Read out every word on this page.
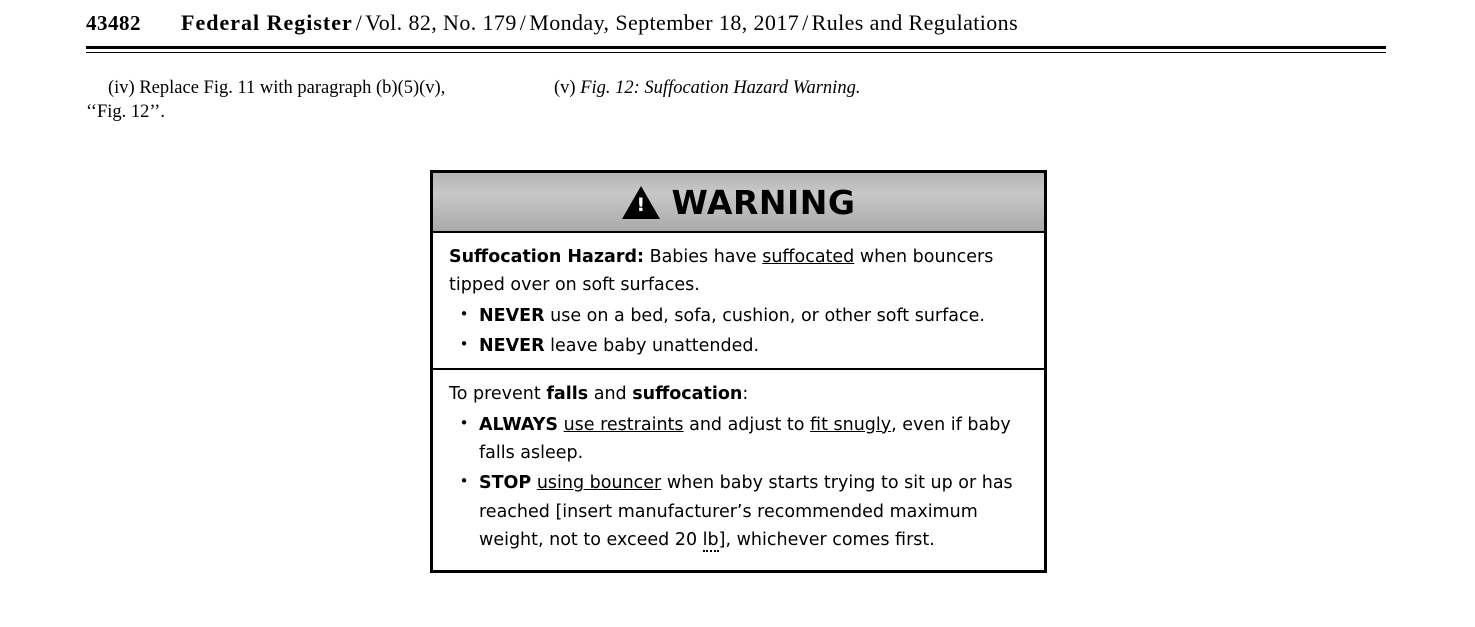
43482 Federal Register / Vol. 82, No. 179 / Monday, September 18, 2017 / Rules and Regulations

(iv) Replace Fig. 11 with paragraph (b)(5)(v), ‘‘Fig. 12’’.

(v) Fig. 12: Suffocation Hazard Warning.

! WARNING
Suffocation Hazard: Babies have suffocated when bouncers tipped over on soft surfaces.
• NEVER use on a bed, sofa, cushion, or other soft surface.
• NEVER leave baby unattended.
To prevent falls and suffocation:
• ALWAYS use restraints and adjust to fit snugly, even if baby falls asleep.
• STOP using bouncer when baby starts trying to sit up or has reached [insert manufacturer’s recommended maximum weight, not to exceed 20 lb], whichever comes first.
